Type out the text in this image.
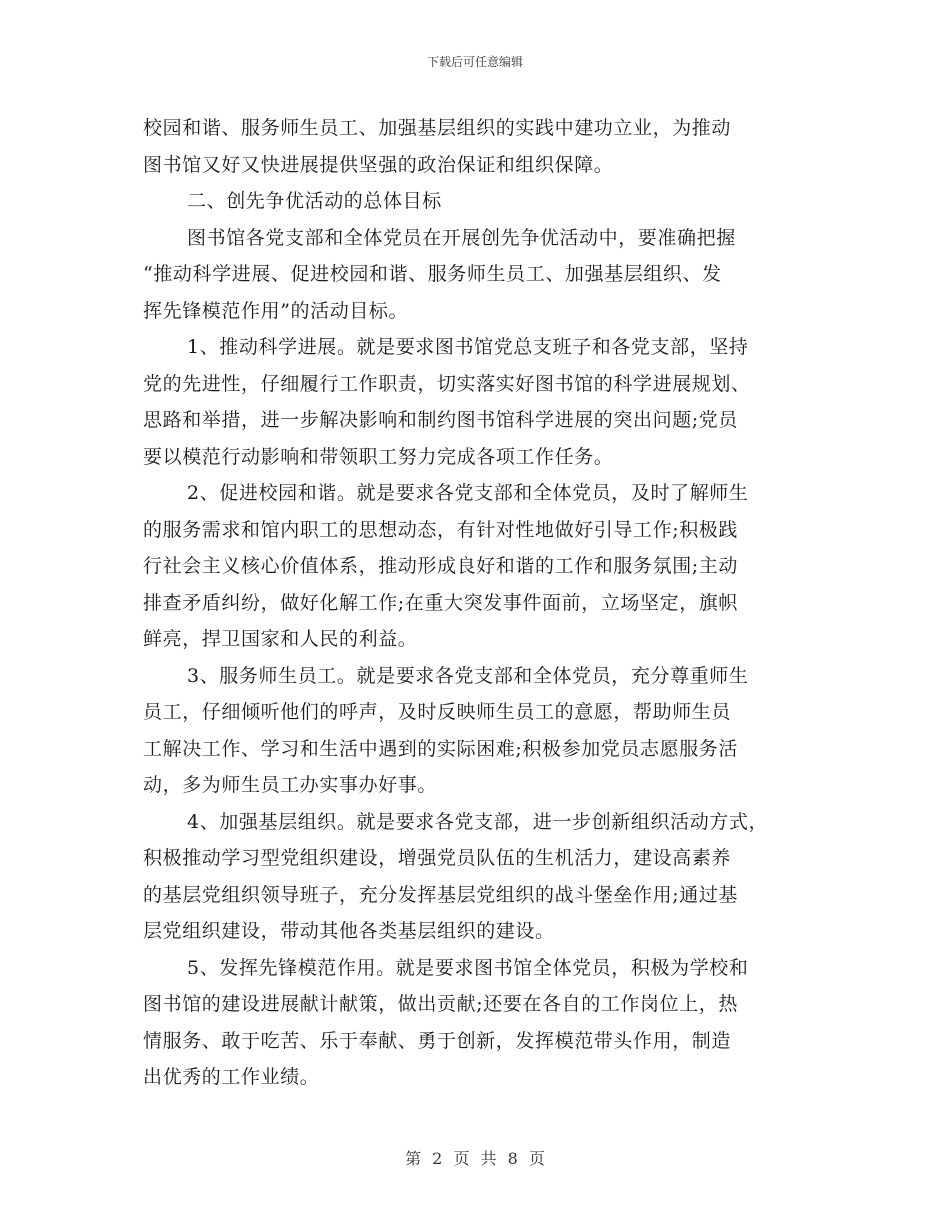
下载后可任意编辑
校园和谐、服务师生员工、加强基层组织的实践中建功立业，为推动
图书馆又好又快进展提供坚强的政治保证和组织保障。
二、创先争优活动的总体目标
图书馆各党支部和全体党员在开展创先争优活动中，要准确把握
“推动科学进展、促进校园和谐、服务师生员工、加强基层组织、发
挥先锋模范作用”的活动目标。
1、推动科学进展。就是要求图书馆党总支班子和各党支部，坚持
党的先进性，仔细履行工作职责，切实落实好图书馆的科学进展规划、
思路和举措，进一步解决影响和制约图书馆科学进展的突出问题;党员
要以模范行动影响和带领职工努力完成各项工作任务。
2、促进校园和谐。就是要求各党支部和全体党员，及时了解师生
的服务需求和馆内职工的思想动态，有针对性地做好引导工作;积极践
行社会主义核心价值体系，推动形成良好和谐的工作和服务氛围;主动
排查矛盾纠纷，做好化解工作;在重大突发事件面前，立场坚定，旗帜
鲜亮，捍卫国家和人民的利益。
3、服务师生员工。就是要求各党支部和全体党员，充分尊重师生
员工，仔细倾听他们的呼声，及时反映师生员工的意愿，帮助师生员
工解决工作、学习和生活中遇到的实际困难;积极参加党员志愿服务活
动，多为师生员工办实事办好事。
4、加强基层组织。就是要求各党支部，进一步创新组织活动方式，
积极推动学习型党组织建设，增强党员队伍的生机活力，建设高素养
的基层党组织领导班子，充分发挥基层党组织的战斗堡垒作用;通过基
层党组织建设，带动其他各类基层组织的建设。
5、发挥先锋模范作用。就是要求图书馆全体党员，积极为学校和
图书馆的建设进展献计献策，做出贡献;还要在各自的工作岗位上，热
情服务、敢于吃苦、乐于奉献、勇于创新，发挥模范带头作用，制造
出优秀的工作业绩。
第 2 页 共 8 页
